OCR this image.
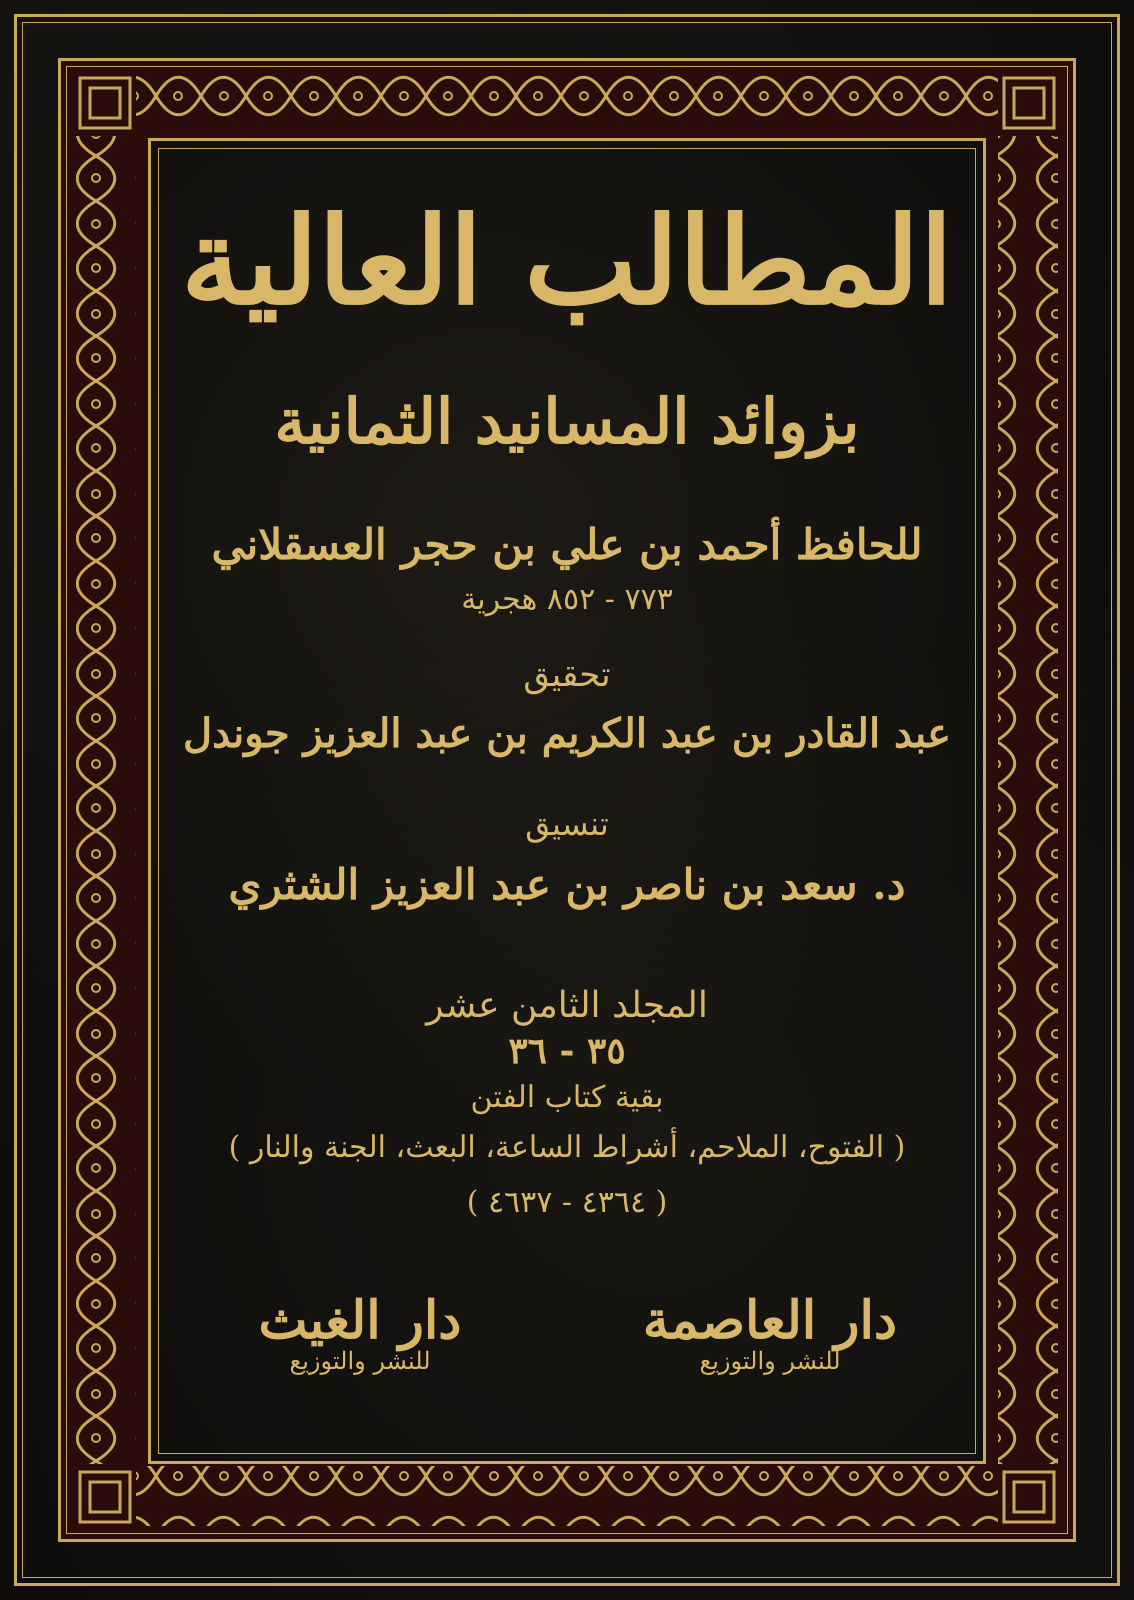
المطالب العالية
بزوائد المسانيد الثمانية
للحافظ أحمد بن علي بن حجر العسقلاني
٧٧٣ - ٨٥٢ هجرية
تحقيق
عبد القادر بن عبد الكريم بن عبد العزيز جوندل
تنسيق
د. سعد بن ناصر بن عبد العزيز الشثري
المجلد الثامن عشر
٣٥ - ٣٦
بقية كتاب الفتن
( الفتوح، الملاحم، أشراط الساعة، البعث، الجنة والنار )
( ٤٣٦٤ - ٤٦٣٧ )
دار العاصمة
للنشر والتوزيع
دار الغيث
للنشر والتوزيع
